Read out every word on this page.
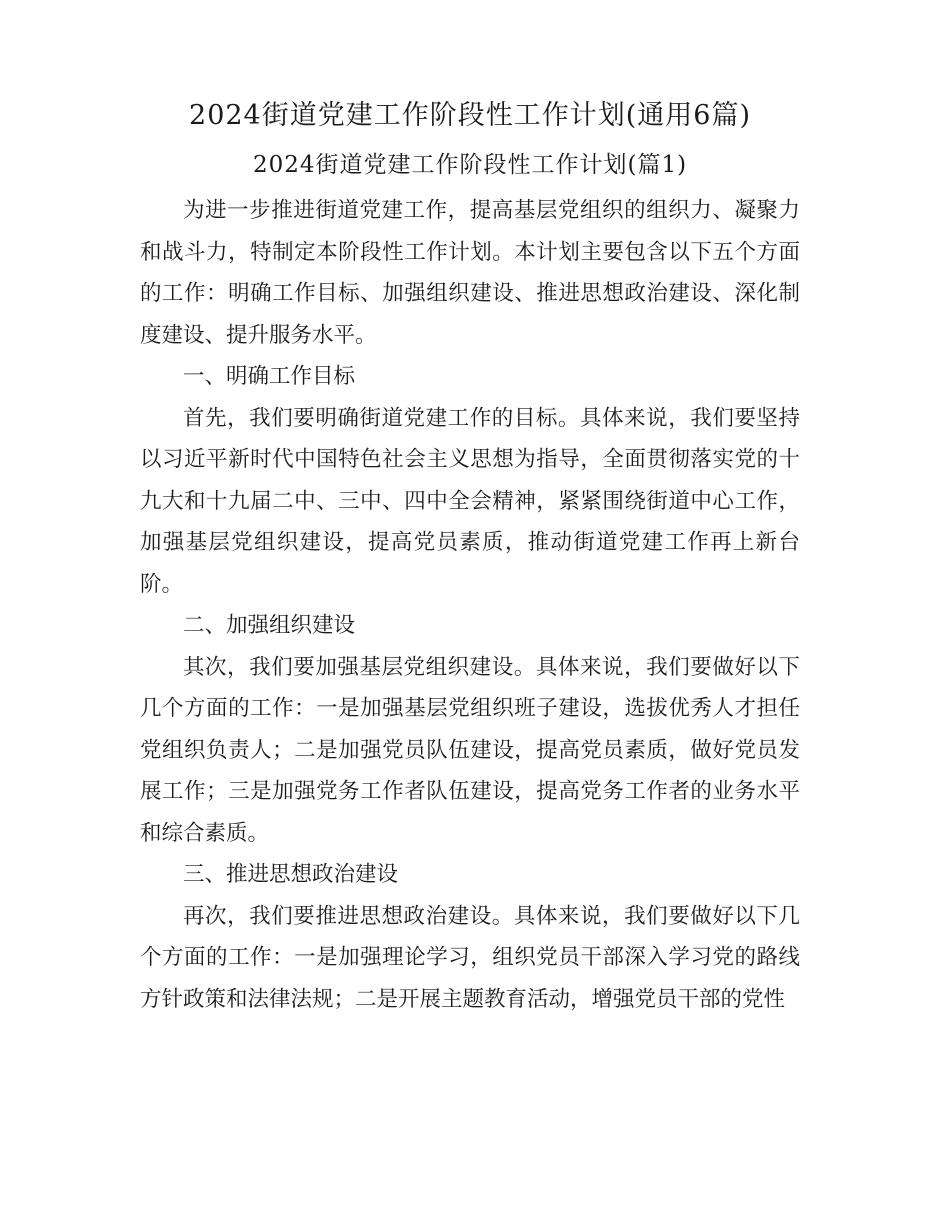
2024街道党建工作阶段性工作计划(通用6篇)
2024街道党建工作阶段性工作计划(篇1)

为进一步推进街道党建工作，提高基层党组织的组织力、凝聚力和战斗力，特制定本阶段性工作计划。本计划主要包含以下五个方面的工作：明确工作目标、加强组织建设、推进思想政治建设、深化制度建设、提升服务水平。

一、明确工作目标

首先，我们要明确街道党建工作的目标。具体来说，我们要坚持以习近平新时代中国特色社会主义思想为指导，全面贯彻落实党的十九大和十九届二中、三中、四中全会精神，紧紧围绕街道中心工作，加强基层党组织建设，提高党员素质，推动街道党建工作再上新台阶。

二、加强组织建设

其次，我们要加强基层党组织建设。具体来说，我们要做好以下几个方面的工作：一是加强基层党组织班子建设，选拔优秀人才担任党组织负责人；二是加强党员队伍建设，提高党员素质，做好党员发展工作；三是加强党务工作者队伍建设，提高党务工作者的业务水平和综合素质。

三、推进思想政治建设

再次，我们要推进思想政治建设。具体来说，我们要做好以下几个方面的工作：一是加强理论学习，组织党员干部深入学习党的路线方针政策和法律法规；二是开展主题教育活动，增强党员干部的党性
